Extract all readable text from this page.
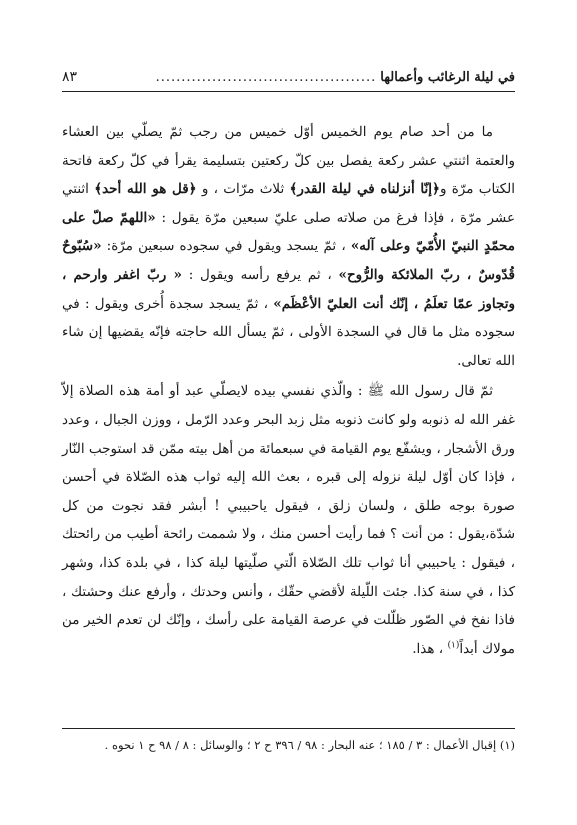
في ليلة الرغائب وأعمالها
...........................................
٨٣

ما من أحد صام يوم الخميس أوّل خميس من رجب ثمّ يصلّي بين العشاء والعتمة اثنتي عشر ركعة يفصل بين كلّ ركعتين بتسليمة يقرأ في كلّ ركعة فاتحة الكتاب مرّة و﴿إنّا أنزلناه في ليلة القدر﴾ ثلاث مرّات ، و ﴿قل هو الله أحد﴾ اثنتي عشر مرّة ، فإذا فرغ من صلاته صلى عليّ سبعين مرّة يقول : «اللهمّ صلّ على محمّدٍ النبيّ الأُمّيّ وعلى آله» ، ثمّ يسجد ويقول في سجوده سبعين مرّة: «سُبّوحٌ قُدّوسٌ ، ربّ الملائكة والرُّوح» ، ثم يرفع رأسه ويقول : « ربّ اغفر وارحم ، وتجاوز عمّا تعلَمُ ، إنّك أنت العليّ الأعْظَم» ، ثمّ يسجد سجدة أُخرى ويقول : في سجوده مثل ما قال في السجدة الأولى ، ثمّ يسأل الله حاجته فإنّه يقضيها إن شاء الله تعالى.

ثمّ قال رسول الله ﷺ : والّذي نفسي بيده لايصلّي عبد أو أمة هذه الصلاة إلاّ غفر الله له ذنوبه ولو كانت ذنوبه مثل زبد البحر وعدد الرّمل ، ووزن الجبال ، وعدد ورق الأشجار ، ويشفّع يوم القيامة في سبعمائة من أهل بيته ممّن قد استوجب النّار ، فإذا كان أوّل ليلة نزوله إلى قبره ، بعث الله إليه ثواب هذه الصّلاة في أحسن صورة بوجه طلق ، ولسان زلق ، فيقول ياحبيبي ! أبشر فقد نجوت من كل شدّة،يقول : من أنت ؟ فما رأيت أحسن منك ، ولا شممت رائحة أطيب من رائحتك ، فيقول : ياحبيبي أنا ثواب تلك الصّلاة الّتي صلّيتها ليلة كذا ، في بلدة كذا، وشهر كذا ، في سنة كذا. جئت اللّيلة لأقضي حقّك ، وأنس وحدتك ، وأرفع عنك وحشتك ، فاذا نفخ في الصّور ظلّلت في عرصة القيامة على رأسك ، وإنّك لن تعدم الخير من مولاك أبداً$^{(١)}$ ، هذا.

(١) إقبال الأعمال : ٣ / ١٨٥ ؛ عنه البحار : ٩٨ / ٣٩٦ ح ٢ ؛ والوسائل : ٨ / ٩٨ ح ١ نحوه .
